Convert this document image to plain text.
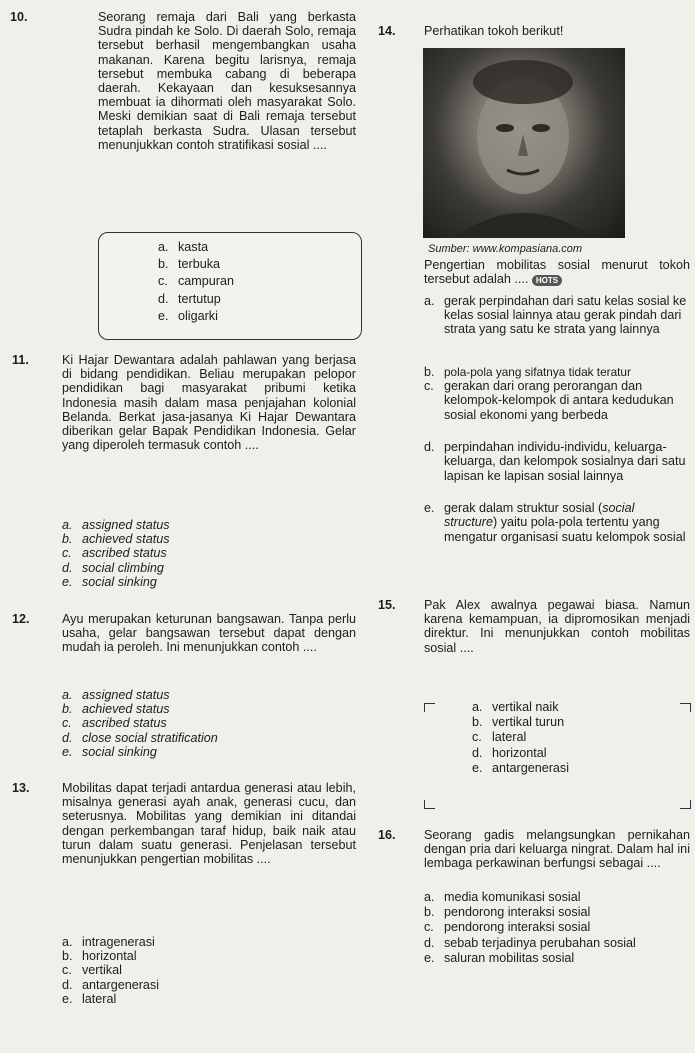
10.	Seorang remaja dari Bali yang berkasta Sudra pindah ke Solo. Di daerah Solo, remaja tersebut berhasil mengembangkan usaha makanan. Karena begitu larisnya, remaja tersebut membuka cabang di beberapa daerah. Kekayaan dan kesuksesannya membuat ia dihormati oleh masyarakat Solo. Meski demikian saat di Bali remaja tersebut tetaplah berkasta Sudra. Ulasan tersebut menunjukkan contoh stratifikasi sosial ....
a. kasta
b. terbuka
c. campuran
d. tertutup
e. oligarki
11.	Ki Hajar Dewantara adalah pahlawan yang berjasa di bidang pendidikan. Beliau merupakan pelopor pendidikan bagi masyarakat pribumi ketika Indonesia masih dalam masa penjajahan kolonial Belanda. Berkat jasa-jasanya Ki Hajar Dewantara diberikan gelar Bapak Pendidikan Indonesia. Gelar yang diperoleh termasuk contoh ....
a. assigned status
b. achieved status
c. ascribed status
d. social climbing
e. social sinking
12.	Ayu merupakan keturunan bangsawan. Tanpa perlu usaha, gelar bangsawan tersebut dapat dengan mudah ia peroleh. Ini menunjukkan contoh ....
a. assigned status
b. achieved status
c. ascribed status
d. close social stratification
e. social sinking
13.	Mobilitas dapat terjadi antardua generasi atau lebih, misalnya generasi ayah anak, generasi cucu, dan seterusnya. Mobilitas yang demikian ini ditandai dengan perkembangan taraf hidup, baik naik atau turun dalam suatu generasi. Penjelasan tersebut menunjukkan pengertian mobilitas ....
a. intragenerasi
b. horizontal
c. vertikal
d. antargenerasi
e. lateral
14. Perhatikan tokoh berikut!
Sumber: www.kompasiana.com
Pengertian mobilitas sosial menurut tokoh tersebut adalah .... HOTS
a. gerak perpindahan dari satu kelas sosial ke kelas sosial lainnya atau gerak pindah dari strata yang satu ke strata yang lainnya
b. pola-pola yang sifatnya tidak teratur
c. gerakan dari orang perorangan dan kelompok-kelompok di antara kedudukan sosial ekonomi yang berbeda
d. perpindahan individu-individu, keluarga-keluarga, dan kelompok sosialnya dari satu lapisan ke lapisan sosial lainnya
e. gerak dalam struktur sosial (social structure) yaitu pola-pola tertentu yang mengatur organisasi suatu kelompok sosial
15. Pak Alex awalnya pegawai biasa. Namun karena kemampuan, ia dipromosikan menjadi direktur. Ini menunjukkan contoh mobilitas sosial ....
a. vertikal naik
b. vertikal turun
c. lateral
d. horizontal
e. antargenerasi
16. Seorang gadis melangsungkan pernikahan dengan pria dari keluarga ningrat. Dalam hal ini lembaga perkawinan berfungsi sebagai ....
a. media komunikasi sosial
b. pendorong interaksi sosial
c. pendorong interaksi sosial
d. sebab terjadinya perubahan sosial
e. saluran mobilitas sosial
